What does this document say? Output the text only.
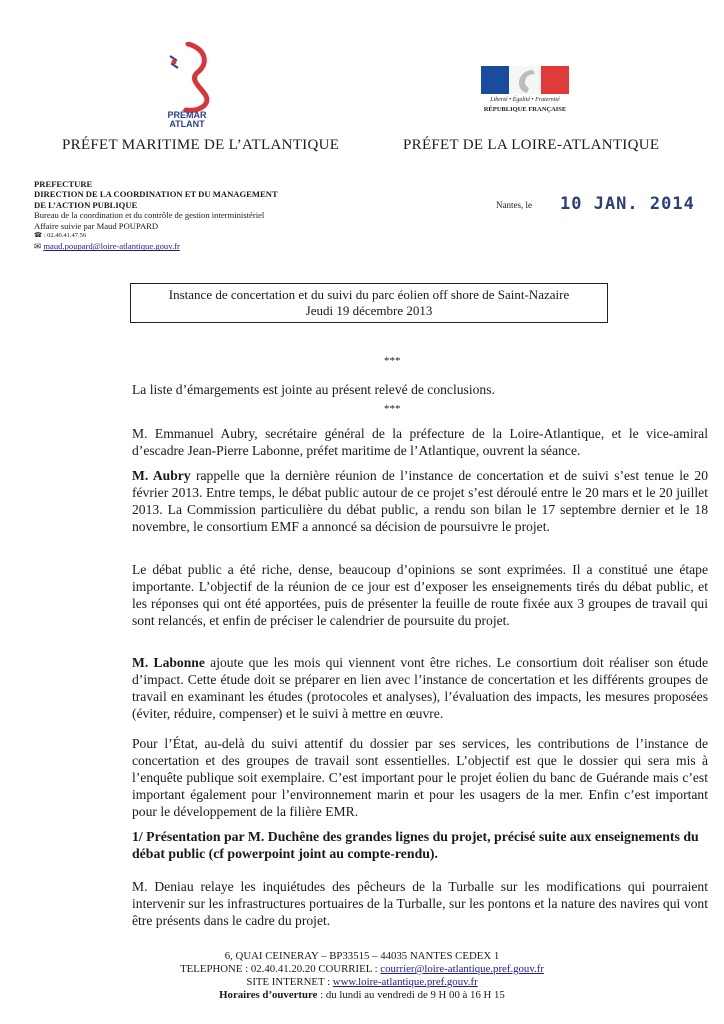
PRÉMAR
ATLANT
Liberté • Égalité • Fraternité
RÉPUBLIQUE FRANÇAISE
PRÉFET MARITIME DE L’ATLANTIQUE	PRÉFET DE LA LOIRE-ATLANTIQUE
PREFECTURE
DIRECTION DE LA COORDINATION ET DU MANAGEMENT
DE L’ACTION PUBLIQUE
Bureau de la coordination et du contrôle de gestion interministériel
Affaire suivie par Maud POUPARD
☎ : 02.40.41.47.56
✉ maud.poupard@loire-atlantique.gouv.fr
Nantes, le 10 JAN. 2014
Instance de concertation et du suivi du parc éolien off shore de Saint-Nazaire
Jeudi 19 décembre 2013
***
La liste d’émargements est jointe au présent relevé de conclusions.
***
M. Emmanuel Aubry, secrétaire général de la préfecture de la Loire-Atlantique, et le vice-amiral d’escadre Jean-Pierre Labonne, préfet maritime de l’Atlantique, ouvrent la séance.
M. Aubry rappelle que la dernière réunion de l’instance de concertation et de suivi s’est tenue le 20 février 2013. Entre temps, le débat public autour de ce projet s’est déroulé entre le 20 mars et le 20 juillet 2013. La Commission particulière du débat public, a rendu son bilan le 17 septembre dernier et le 18 novembre, le consortium EMF a annoncé sa décision de poursuivre le projet.
Le débat public a été riche, dense, beaucoup d’opinions se sont exprimées. Il a constitué une étape importante. L’objectif de la réunion de ce jour est d’exposer les enseignements tirés du débat public, et les réponses qui ont été apportées, puis de présenter la feuille de route fixée aux 3 groupes de travail qui sont relancés, et enfin de préciser le calendrier de poursuite du projet.
M. Labonne ajoute que les mois qui viennent vont être riches. Le consortium doit réaliser son étude d’impact. Cette étude doit se préparer en lien avec l’instance de concertation et les différents groupes de travail en examinant les études (protocoles et analyses), l’évaluation des impacts, les mesures proposées (éviter, réduire, compenser) et le suivi à mettre en œuvre.
Pour l’État, au-delà du suivi attentif du dossier par ses services, les contributions de l’instance de concertation et des groupes de travail sont essentielles. L’objectif est que le dossier qui sera mis à l’enquête publique soit exemplaire. C’est important pour le projet éolien du banc de Guérande mais c’est important également pour l’environnement marin et pour les usagers de la mer. Enfin c’est important pour le développement de la filière EMR.
1/ Présentation par M. Duchêne des grandes lignes du projet, précisé suite aux enseignements du débat public (cf powerpoint joint au compte-rendu).
M. Deniau relaye les inquiétudes des pêcheurs de la Turballe sur les modifications qui pourraient intervenir sur les infrastructures portuaires de la Turballe, sur les pontons et la nature des navires qui vont être présents dans le cadre du projet.
6, QUAI CEINERAY – BP33515 – 44035 NANTES CEDEX 1
TELEPHONE : 02.40.41.20.20 COURRIEL : courrier@loire-atlantique.pref.gouv.fr
SITE INTERNET : www.loire-atlantique.pref.gouv.fr
Horaires d’ouverture : du lundi au vendredi de 9 H 00 à 16 H 15
